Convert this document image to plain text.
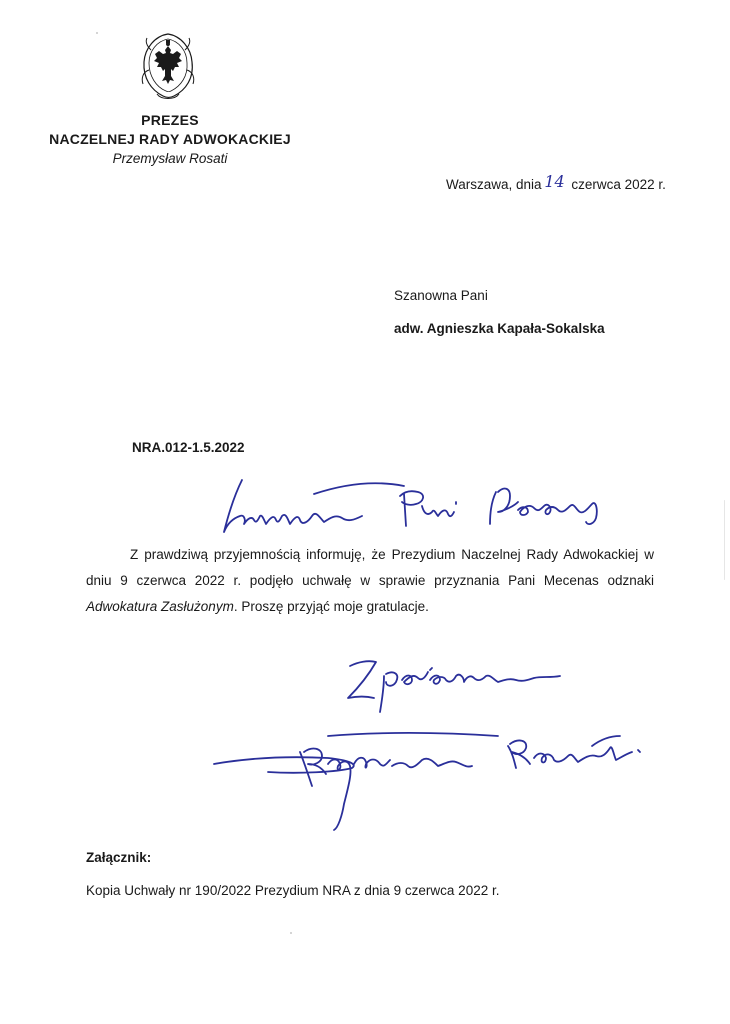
PREZES
NACZELNEJ RADY ADWOKACKIEJ
Przemysław Rosati
Warszawa, dnia 14 czerwca 2022 r.
Szanowna Pani
adw. Agnieszka Kapała-Sokalska
NRA.012-1.5.2022

Z prawdziwą przyjemnością informuję, że Prezydium Naczelnej Rady Adwokackiej w dniu 9 czerwca 2022 r. podjęło uchwałę w sprawie przyznania Pani Mecenas odznaki Adwokatura Zasłużonym. Proszę przyjąć moje gratulacje.

Załącznik:
Kopia Uchwały nr 190/2022 Prezydium NRA z dnia 9 czerwca 2022 r.
